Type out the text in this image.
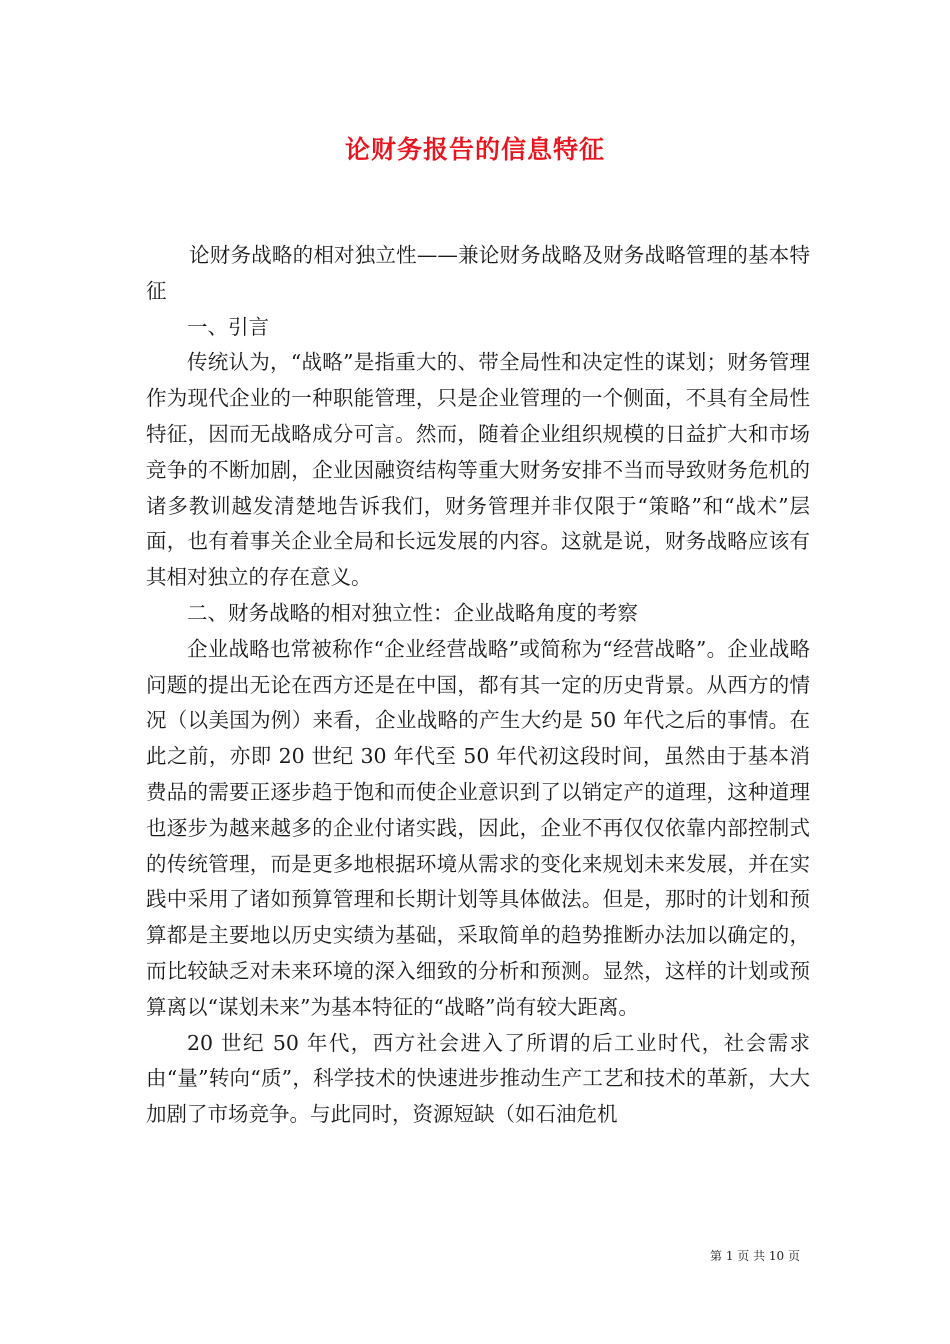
论财务报告的信息特征

论财务战略的相对独立性——兼论财务战略及财务战略管理的基本特征

一、引言

传统认为，“战略”是指重大的、带全局性和决定性的谋划；财务管理作为现代企业的一种职能管理，只是企业管理的一个侧面，不具有全局性特征，因而无战略成分可言。然而，随着企业组织规模的日益扩大和市场竞争的不断加剧，企业因融资结构等重大财务安排不当而导致财务危机的诸多教训越发清楚地告诉我们，财务管理并非仅限于“策略”和“战术”层面，也有着事关企业全局和长远发展的内容。这就是说，财务战略应该有其相对独立的存在意义。

二、财务战略的相对独立性：企业战略角度的考察

企业战略也常被称作“企业经营战略”或简称为“经营战略”。企业战略问题的提出无论在西方还是在中国，都有其一定的历史背景。从西方的情况（以美国为例）来看，企业战略的产生大约是 50 年代之后的事情。在此之前，亦即 20 世纪 30 年代至 50 年代初这段时间，虽然由于基本消费品的需要正逐步趋于饱和而使企业意识到了以销定产的道理，这种道理也逐步为越来越多的企业付诸实践，因此，企业不再仅仅依靠内部控制式的传统管理，而是更多地根据环境从需求的变化来规划未来发展，并在实践中采用了诸如预算管理和长期计划等具体做法。但是，那时的计划和预算都是主要地以历史实绩为基础，采取简单的趋势推断办法加以确定的，而比较缺乏对未来环境的深入细致的分析和预测。显然，这样的计划或预算离以“谋划未来”为基本特征的“战略”尚有较大距离。

20 世纪 50 年代，西方社会进入了所谓的后工业时代，社会需求由“量”转向“质”，科学技术的快速进步推动生产工艺和技术的革新，大大加剧了市场竞争。与此同时，资源短缺（如石油危机

第 1 页 共 10 页
